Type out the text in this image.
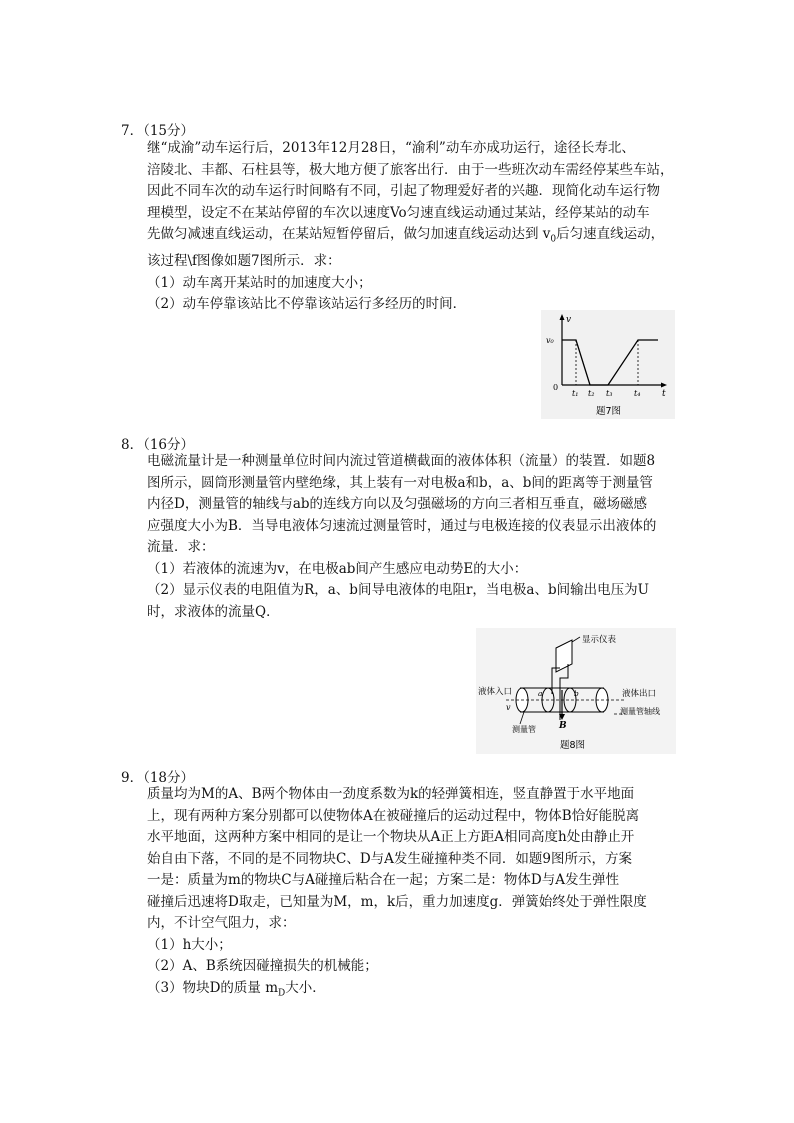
7．（15分）
继“成渝”动车运行后，2013年12月28日，“渝利”动车亦成功运行，途径长寿北、
涪陵北、丰都、石柱县等，极大地方便了旅客出行．由于一些班次动车需经停某些车站，
因此不同车次的动车运行时间略有不同，引起了物理爱好者的兴趣．现简化动车运行物
理模型，设定不在某站停留的车次以速度Vo匀速直线运动通过某站，经停某站的动车
先做匀减速直线运动，在某站短暂停留后，做匀加速直线运动达到 $v_0$后匀速直线运动，
该过程\f图像如题7图所示．求：
（1）动车离开某站时的加速度大小；
（2）动车停靠该站比不停靠该站运行多经历的时间．
v
v₀
0
t
t₁ t₂ t₃	t₄
题7图
8．（16分）
电磁流量计是一种测量单位时间内流过管道横截面的液体体积（流量）的装置．如题8
图所示，圆筒形测量管内壁绝缘，其上装有一对电极a和b，a、b间的距离等于测量管
内径D，测量管的轴线与ab的连线方向以及匀强磁场的方向三者相互垂直，磁场磁感
应强度大小为B．当导电液体匀速流过测量管时，通过与电极连接的仪表显示出液体的
流量．求：
（1）若液体的流速为v，在电极ab间产生感应电动势E的大小：
（2）显示仪表的电阻值为R，a、b间导电液体的电阻r，当电极a、b间输出电压为U
时，求液体的流量Q．
显示仪表
B
a	b
液体入口
v
液体出口
测量管轴线
测量管
题8图
9．（18分）
质量均为M的A、B两个物体由一劲度系数为k的轻弹簧相连，竖直静置于水平地面
上，现有两种方案分别都可以使物体A在被碰撞后的运动过程中，物体B恰好能脱离
水平地面，这两种方案中相同的是让一个物块从A正上方距A相同高度h处由静止开
始自由下落，不同的是不同物块C、D与A发生碰撞种类不同．如题9图所示，方案
一是：质量为m的物块C与A碰撞后粘合在一起；方案二是：物体D与A发生弹性
碰撞后迅速将D取走，已知量为M，m，k后，重力加速度g．弹簧始终处于弹性限度
内，不计空气阻力，求：
（1）h大小；
（2）A、B系统因碰撞损失的机械能；
（3）物块D的质量 $m_D$大小．
